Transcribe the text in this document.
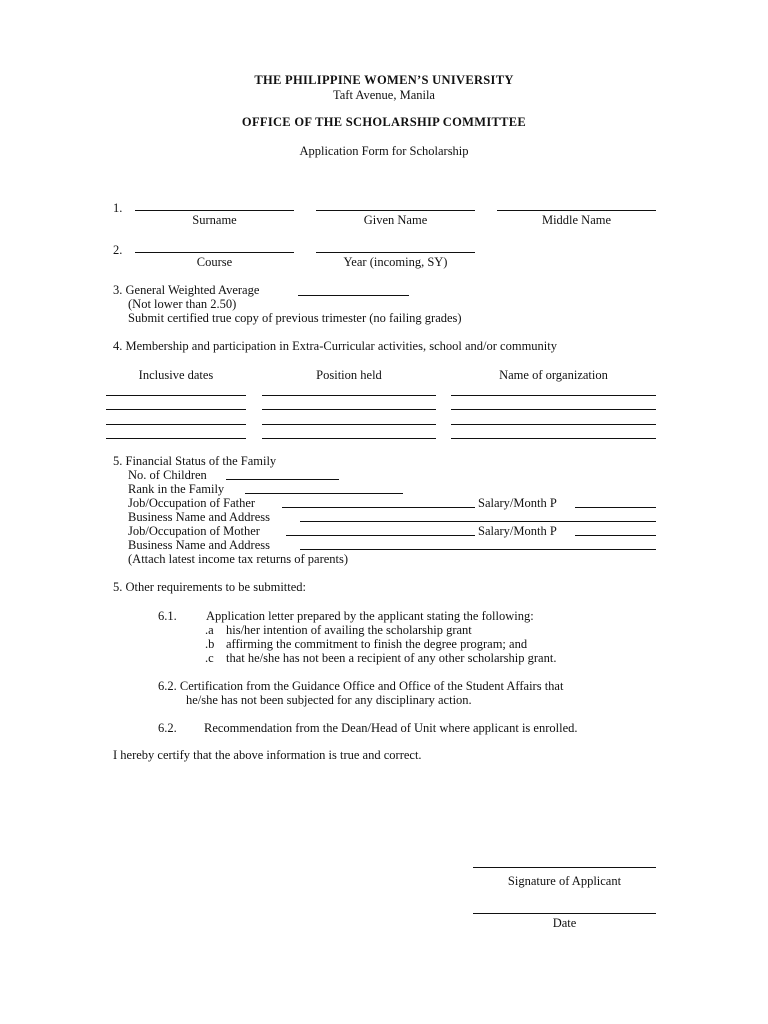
THE PHILIPPINE WOMEN’S UNIVERSITY
Taft Avenue, Manila
OFFICE OF THE SCHOLARSHIP COMMITTEE
Application Form for Scholarship
1.
Surname	Given Name	Middle Name
2.
Course	Year (incoming, SY)
3. General Weighted Average
(Not lower than 2.50)
Submit certified true copy of previous trimester (no failing grades)
4. Membership and participation in Extra-Curricular activities, school and/or community
Inclusive dates	Position held	Name of organization
5. Financial Status of the Family
No. of Children
Rank in the Family
Job/Occupation of Father	Salary/Month P
Business Name and Address
Job/Occupation of Mother	Salary/Month P
Business Name and Address
(Attach latest income tax returns of parents)
5. Other requirements to be submitted:
6.1. Application letter prepared by the applicant stating the following:
.a his/her intention of availing the scholarship grant
.b affirming the commitment to finish the degree program; and
.c that he/she has not been a recipient of any other scholarship grant.
6.2. Certification from the Guidance Office and Office of the Student Affairs that
he/she has not been subjected for any disciplinary action.
6.2. Recommendation from the Dean/Head of Unit where applicant is enrolled.
I hereby certify that the above information is true and correct.
Signature of Applicant
Date
